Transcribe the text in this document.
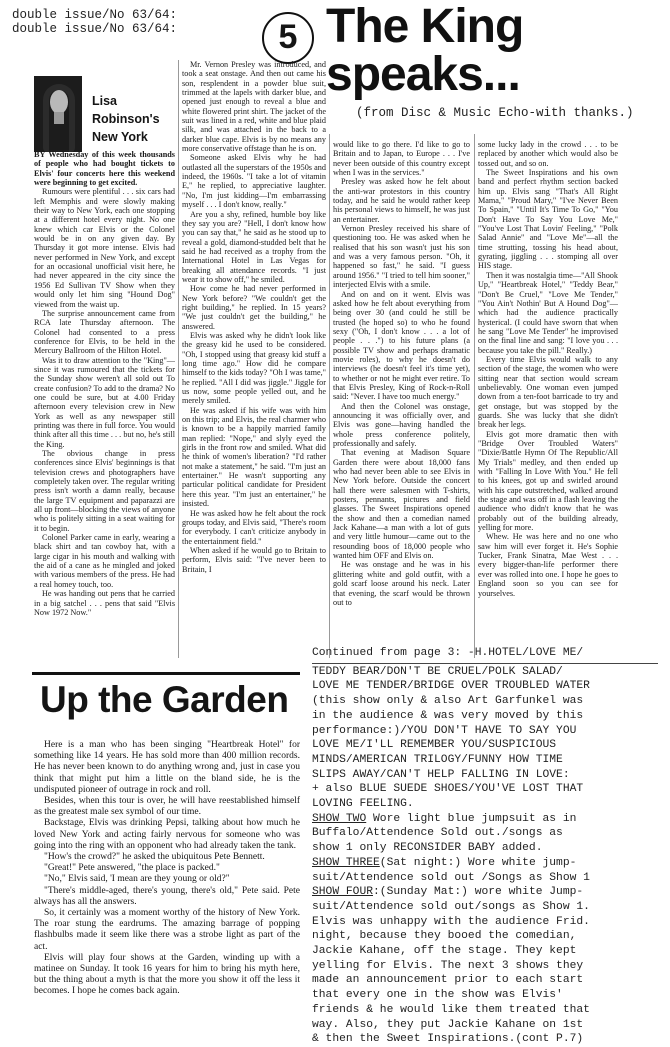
double issue/No 63/64:
double issue/No 63/64:	5 The King
speaks...
(from Disc & Music Echo-with thanks.)
Lisa
Robinson's
New York

BY Wednesday of this week thousands of people who had bought tickets to Elvis' four concerts here this weekend were beginning to get excited.

Rumours were plentiful . . . six cars had left Memphis and were slowly making their way to New York, each one stopping at a different hotel every night. No one knew which car Elvis or the Colonel would be in on any given day. By Thursday it got more intense. Elvis had never performed in New York, and except for an occasional unofficial visit here, he had never appeared in the city since the 1956 Ed Sullivan TV Show when they would only let him sing "Hound Dog" viewed from the waist up.

The surprise announcement came from RCA late Thursday afternoon. The Colonel had consented to a press conference for Elvis, to be held in the Mercury Ballroom of the Hilton Hotel.

Was it to draw attention to the "King"—since it was rumoured that the tickets for the Sunday show weren't all sold out To create confusion? To add to the drama? No one could be sure, but at 4.00 Friday afternoon every television crew in New York as well as any newspaper still printing was there in full force. You would think after all this time . . . but no, he's still the King.

The obvious change in press conferences since Elvis' beginnings is that television crews and photographers have completely taken over. The regular writing press isn't worth a damn really, because the large TV equipment and paparazzi are all up front—blocking the views of anyone who is politely sitting in a seat waiting for it to begin.

Colonel Parker came in early, wearing a black shirt and tan cowboy hat, with a large cigar in his mouth and walking with the aid of a cane as he mingled and joked with various members of the press. He had a real homey touch, too.

He was handing out pens that he carried in a big satchel . . . pens that said "Elvis Now 1972 Now."

Mr. Vernon Presley was introduced, and took a seat onstage. And then out came his son, resplendent in a powder blue suit, trimmed at the lapels with darker blue, and opened just enough to reveal a blue and white flowered print shirt. The jacket of the suit was lined in a red, white and blue plaid silk, and was attached in the back to a darker blue cape. Elvis is by no means any more conservative offstage than he is on.

Someone asked Elvis why he had outlasted all the superstars of the 1950s and indeed, the 1960s. "I take a lot of vitamin E," he replied, to appreciative laughter. "No, I'm just kidding—I'm embarrassing myself . . . I don't know, really."

Are you a shy, refined, humble boy like they say you are? "Hell, I don't know how you can say that," he said as he stood up to reveal a gold, diamond-studded belt that he said he had received as a trophy from the International Hotel in Las Vegas for breaking all attendance records. "I just wear it to show off," he smiled.

How come he had never performed in New York before? "We couldn't get the right building," he replied. In 15 years? "We just couldn't get the building," he answered.

Elvis was asked why he didn't look like the greasy kid he used to be considered. "Oh, I stopped using that greasy kid stuff a long time ago." How did he compare himself to the kids today? "Oh I was tame," he replied. "All I did was jiggle." Jiggle for us now, some people yelled out, and he merely smiled.

He was asked if his wife was with him on this trip; and Elvis, the real charmer who is known to be a happily married family man replied: "Nope," and slyly eyed the girls in the front row and smiled. What did he think of women's liberation? "I'd rather not make a statement," he said. "I'm just an entertainer." He wasn't supporting any particular political candidate for President here this year. "I'm just an entertainer," he insisted.

He was asked how he felt about the rock groups today, and Elvis said, "There's room for everybody. I can't criticize anybody in the entertainment field."

When asked if he would go to Britain to perform, Elvis said: "I've never been to Britain, I

would like to go there. I'd like to go to Britain and to Japan, to Europe . . . I've never been outside of this country except when I was in the services."

Presley was asked how he felt about the anti-war protestors in this country today, and he said he would rather keep his personal views to himself, he was just an entertainer.

Vernon Presley received his share of questioning too. He was asked when he realised that his son wasn't just his son and was a very famous person. "Oh, it happened so fast," he said. "I guess around 1956." "I tried to tell him sooner," interjected Elvis with a smile.

And on and on it went. Elvis was asked how he felt about everything from being over 30 (and could he still be trusted (he hoped so) to who he found sexy ("Oh, I don't know . . . a lot of people . . .") to his future plans (a possible TV show and perhaps dramatic movie roles), to why he doesn't do interviews (he doesn't feel it's time yet), to whether or not he might ever retire. To that Elvis Presley, King of Rock-n-Roll said: "Never. I have too much energy."

And then the Colonel was onstage, announcing it was officially over, and Elvis was gone—having handled the whole press conference politely, professionally and safely.

That evening at Madison Square Garden there were about 18,000 fans who had never been able to see Elvis in New York before. Outside the concert hall there were salesmen with T-shirts, posters, pennants, pictures and field glasses. The Sweet Inspirations opened the show and then a comedian named Jack Kahane—a man with a lot of guts and very little humour—came out to the resounding boos of 18,000 people who wanted him OFF and Elvis on.

He was onstage and he was in his glittering white and gold outfit, with a gold scarf loose around his neck. Later that evening, the scarf would be thrown out to

some lucky lady in the crowd . . . to be replaced by another which would also be tossed out, and so on.

The Sweet Inspirations and his own band and perfect rhythm section backed him up. Elvis sang "That's All Right Mama," "Proud Mary," "I've Never Been To Spain," "Until It's Time To Go," "You Don't Have To Say You Love Me," "You've Lost That Lovin' Feeling," "Polk Salad Annie" and "Love Me"—all the time strutting, tossing his head about, gyrating, jiggling . . . stomping all over HIS stage.

Then it was nostalgia time—"All Shook Up," "Heartbreak Hotel," "Teddy Bear," "Don't Be Cruel," "Love Me Tender," "You Ain't Nothin' But A Hound Dog"—which had the audience practically hysterical. (I could have sworn that when he sang "Love Me Tender" he improvised on the final line and sang: "I love you . . . because you take the pill." Really.)

Every time Elvis would walk to any section of the stage, the women who were sitting near that section would scream unbelievably. One woman even jumped down from a ten-foot barricade to try and get onstage, but was stopped by the guards. She was lucky that she didn't break her legs.

Elvis got more dramatic then with "Bridge Over Troubled Waters" "Dixie/Battle Hymn Of The Republic/All My Trials" medley, and then ended up with "Falling In Love With You." He fell to his knees, got up and swirled around with his cape outstretched, walked around the stage and was off in a flash leaving the audience who didn't know that he was probably out of the building already, yelling for more.

Whew. He was here and no one who saw him will ever forget it. He's Sophie Tucker, Frank Sinatra, Mae West . . . every bigger-than-life performer there ever was rolled into one. I hope he goes to England soon so you can see for yourselves.

Up the Garden

Here is a man who has been singing "Heartbreak Hotel" for something like 14 years. He has sold more than 400 million records. He has never been known to do anything wrong and, just in case you think that might put him a little on the bland side, he is the undisputed pioneer of outrage in rock and roll.

Besides, when this tour is over, he will have reestablished himself as the greatest male sex symbol of our time.

Backstage, Elvis was drinking Pepsi, talking about how much he loved New York and acting fairly nervous for someone who was going into the ring with an opponent who had already taken the tank.

"How's the crowd?" he asked the ubiquitous Pete Bennett.

"Great!" Pete answered, "the place is packed."

"No," Elvis said, 'I mean are they young or old?"

"There's middle-aged, there's young, there's old," Pete said. Pete always has all the answers.

So, it certainly was a moment worthy of the history of New York. The roar stung the eardrums. The amazing barrage of popping flashbulbs made it seem like there was a strobe light as part of the act.

Elvis will play four shows at the Garden, winding up with a matinee on Sunday. It took 16 years for him to bring his myth here, but the thing about a myth is that the more you show it off the less it becomes. I hope he comes back again.

Continued from page 3: -H.HOTEL/LOVE ME/
TEDDY BEAR/DON'T BE CRUEL/POLK SALAD/
LOVE ME TENDER/BRIDGE OVER TROUBLED WATER
(this show only & also Art Garfunkel was
in the audience & was very moved by this
performance:)/YOU DON'T HAVE TO SAY YOU
LOVE ME/I'LL REMEMBER YOU/SUSPICIOUS
MINDS/AMERICAN TRILOGY/FUNNY HOW TIME
SLIPS AWAY/CAN'T HELP FALLING IN LOVE:
+ also BLUE SUEDE SHOES/YOU'VE LOST THAT
LOVING FEELING.
SHOW TWO Wore light blue jumpsuit as in
Buffalo/Attendence Sold out./songs as
show 1 only RECONSIDER BABY added.
SHOW THREE(Sat night:) Wore white jump-
suit/Attendence sold out /Songs as Show 1
SHOW FOUR:(Sunday Mat:) wore white Jump-
suit/Attendence sold out/songs as Show 1.
Elvis was unhappy with the audience Frid.
night, because they booed the comedian,
Jackie Kahane, off the stage. They kept
yelling for Elvis. The next 3 shows they
made an announcement prior to each start
that every one in the show was Elvis'
friends & he would like them treated that
way. Also, they put Jackie Kahane on 1st
& then the Sweet Inspirations.(cont P.7)
